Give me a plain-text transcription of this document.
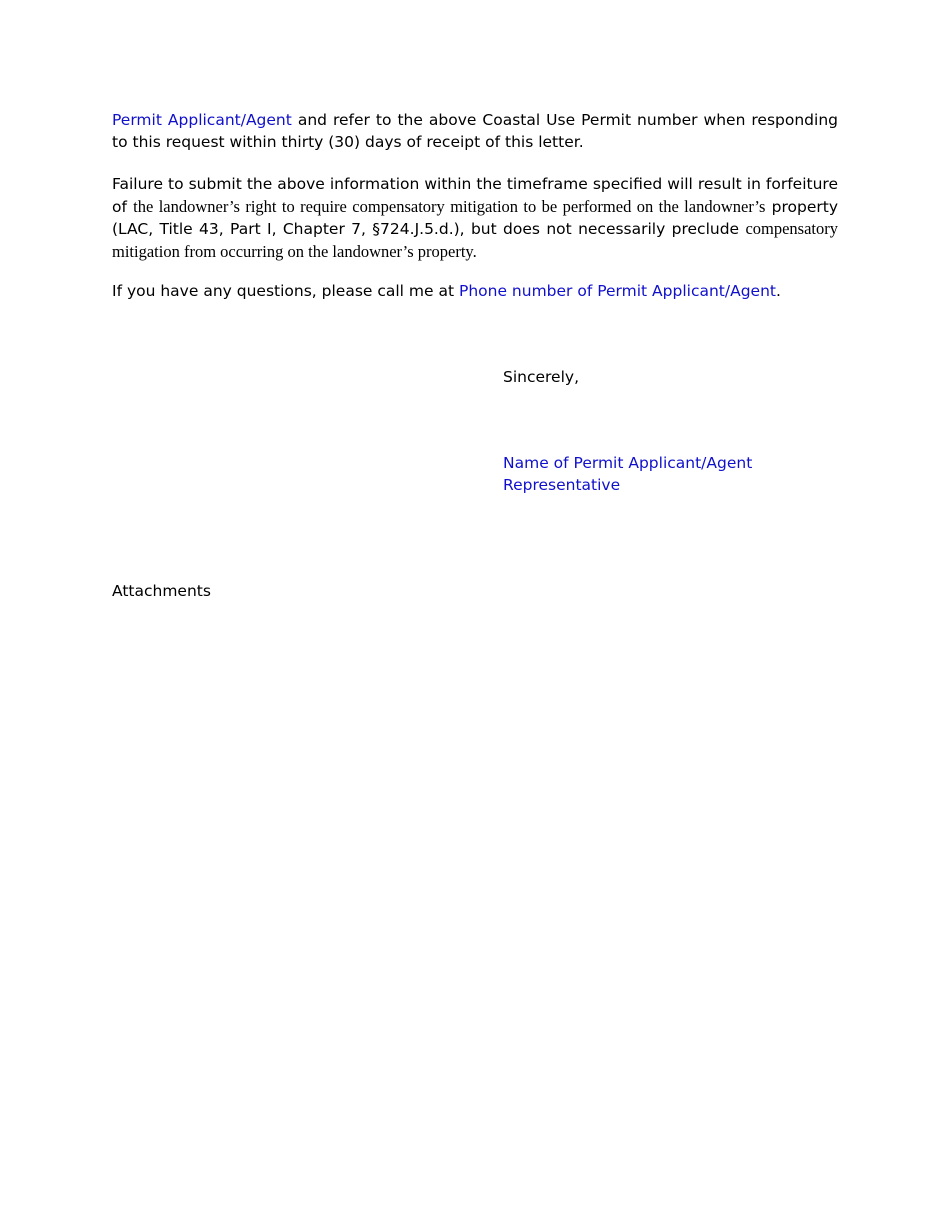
Permit Applicant/Agent and refer to the above Coastal Use Permit number when responding to this request within thirty (30) days of receipt of this letter.

Failure to submit the above information within the timeframe specified will result in forfeiture of the landowner’s right to require compensatory mitigation to be performed on the landowner’s property (LAC, Title 43, Part I, Chapter 7, §724.J.5.d.), but does not necessarily preclude compensatory mitigation from occurring on the landowner’s property.

If you have any questions, please call me at Phone number of Permit Applicant/Agent.

Sincerely,

Name of Permit Applicant/Agent
Representative

Attachments
